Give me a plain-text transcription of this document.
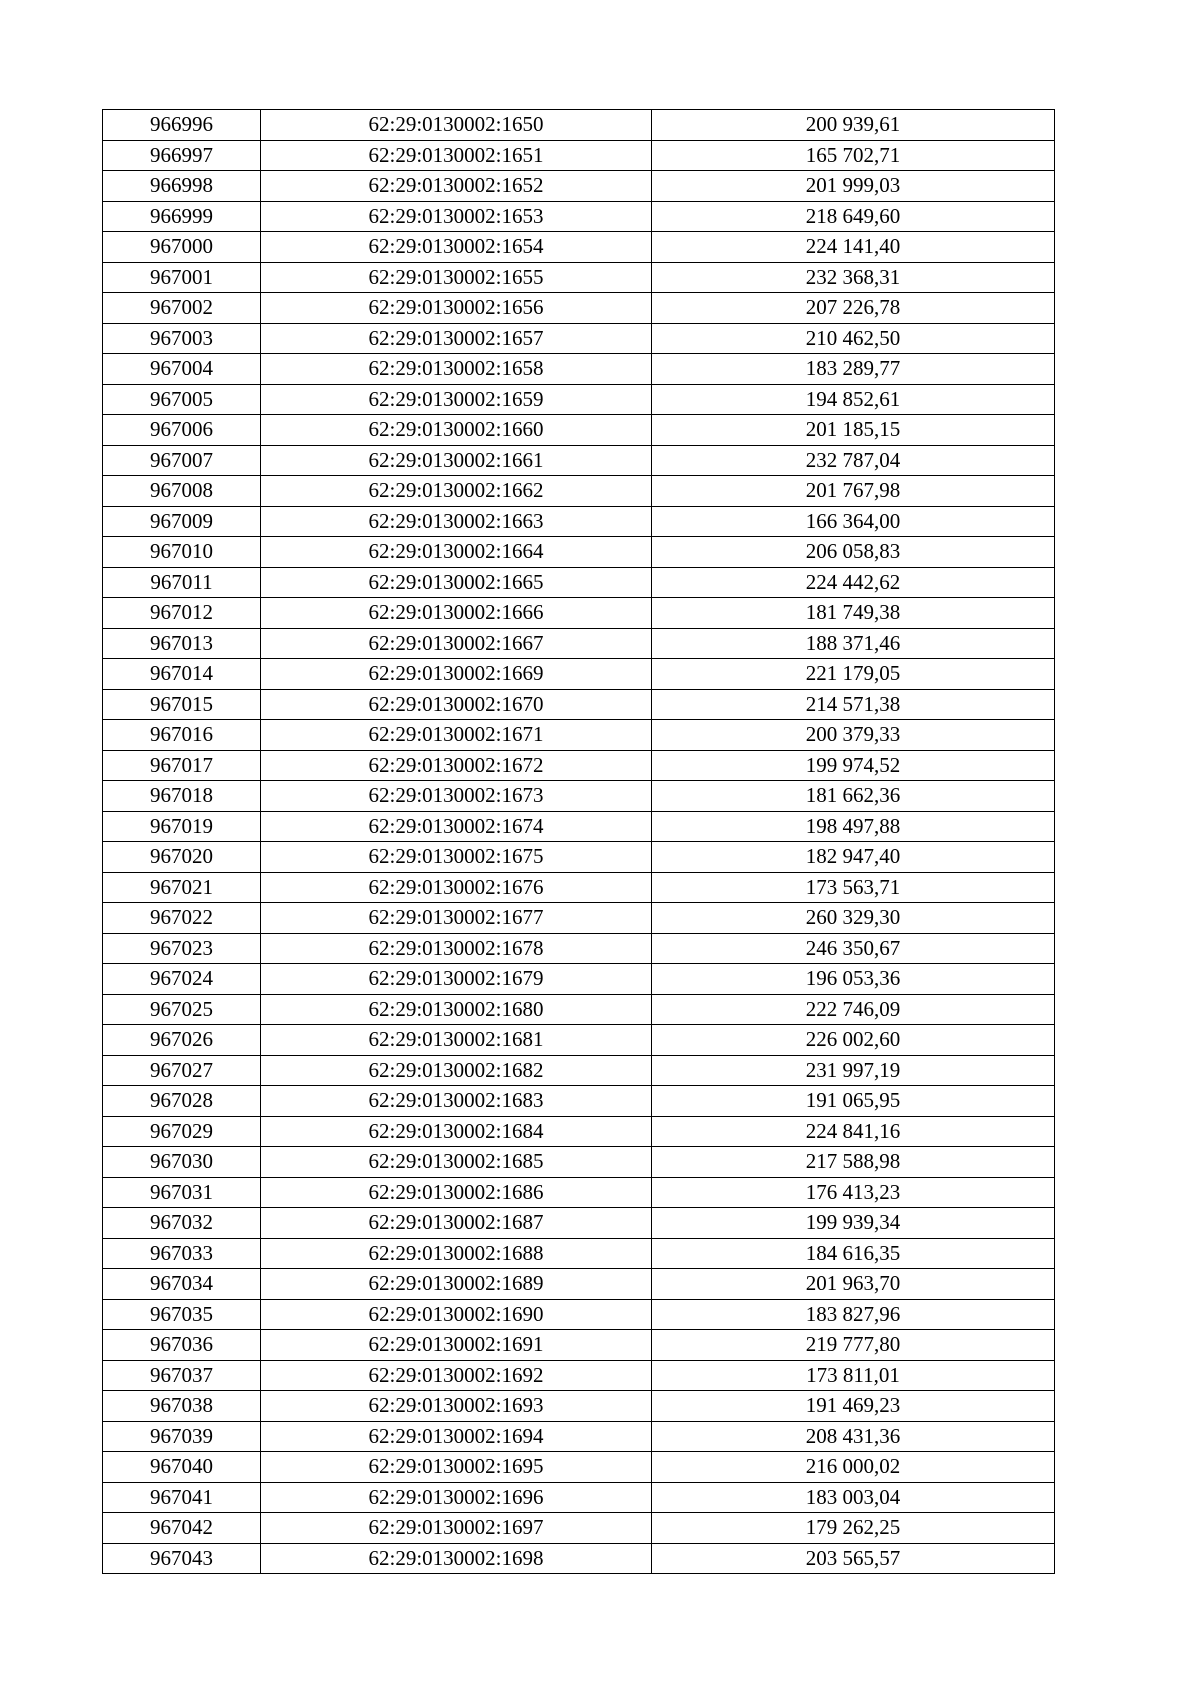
966996	62:29:0130002:1650	200 939,61
966997	62:29:0130002:1651	165 702,71
966998	62:29:0130002:1652	201 999,03
966999	62:29:0130002:1653	218 649,60
967000	62:29:0130002:1654	224 141,40
967001	62:29:0130002:1655	232 368,31
967002	62:29:0130002:1656	207 226,78
967003	62:29:0130002:1657	210 462,50
967004	62:29:0130002:1658	183 289,77
967005	62:29:0130002:1659	194 852,61
967006	62:29:0130002:1660	201 185,15
967007	62:29:0130002:1661	232 787,04
967008	62:29:0130002:1662	201 767,98
967009	62:29:0130002:1663	166 364,00
967010	62:29:0130002:1664	206 058,83
967011	62:29:0130002:1665	224 442,62
967012	62:29:0130002:1666	181 749,38
967013	62:29:0130002:1667	188 371,46
967014	62:29:0130002:1669	221 179,05
967015	62:29:0130002:1670	214 571,38
967016	62:29:0130002:1671	200 379,33
967017	62:29:0130002:1672	199 974,52
967018	62:29:0130002:1673	181 662,36
967019	62:29:0130002:1674	198 497,88
967020	62:29:0130002:1675	182 947,40
967021	62:29:0130002:1676	173 563,71
967022	62:29:0130002:1677	260 329,30
967023	62:29:0130002:1678	246 350,67
967024	62:29:0130002:1679	196 053,36
967025	62:29:0130002:1680	222 746,09
967026	62:29:0130002:1681	226 002,60
967027	62:29:0130002:1682	231 997,19
967028	62:29:0130002:1683	191 065,95
967029	62:29:0130002:1684	224 841,16
967030	62:29:0130002:1685	217 588,98
967031	62:29:0130002:1686	176 413,23
967032	62:29:0130002:1687	199 939,34
967033	62:29:0130002:1688	184 616,35
967034	62:29:0130002:1689	201 963,70
967035	62:29:0130002:1690	183 827,96
967036	62:29:0130002:1691	219 777,80
967037	62:29:0130002:1692	173 811,01
967038	62:29:0130002:1693	191 469,23
967039	62:29:0130002:1694	208 431,36
967040	62:29:0130002:1695	216 000,02
967041	62:29:0130002:1696	183 003,04
967042	62:29:0130002:1697	179 262,25
967043	62:29:0130002:1698	203 565,57
